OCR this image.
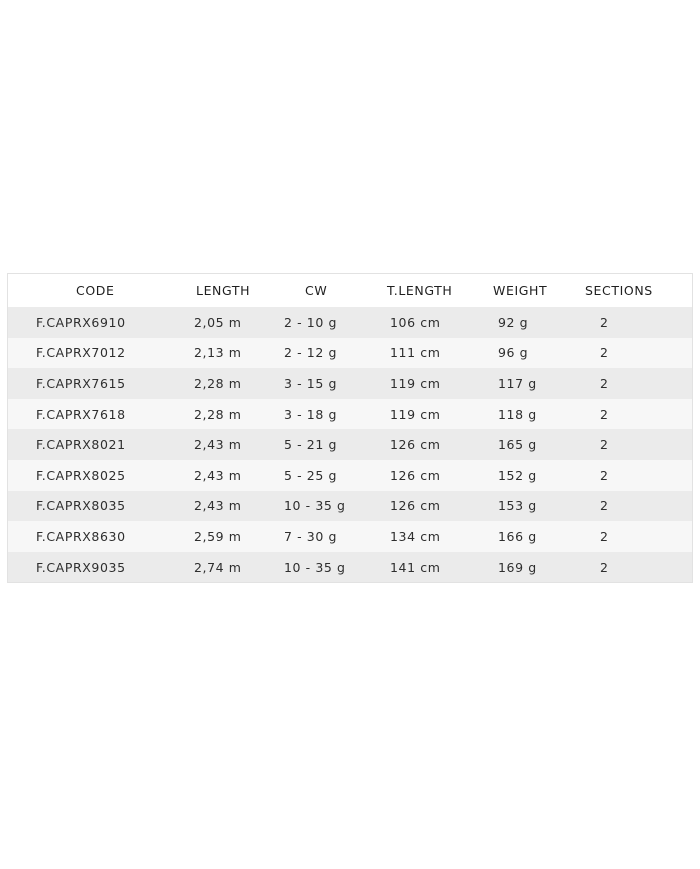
CODE	LENGTH	CW	T.LENGTH	WEIGHT	SECTIONS
F.CAPRX6910	2,05 m	2 - 10 g	106 cm	92 g	2
F.CAPRX7012	2,13 m	2 - 12 g	111 cm	96 g	2
F.CAPRX7615	2,28 m	3 - 15 g	119 cm	117 g	2
F.CAPRX7618	2,28 m	3 - 18 g	119 cm	118 g	2
F.CAPRX8021	2,43 m	5 - 21 g	126 cm	165 g	2
F.CAPRX8025	2,43 m	5 - 25 g	126 cm	152 g	2
F.CAPRX8035	2,43 m	10 - 35 g	126 cm	153 g	2
F.CAPRX8630	2,59 m	7 - 30 g	134 cm	166 g	2
F.CAPRX9035	2,74 m	10 - 35 g	141 cm	169 g	2
